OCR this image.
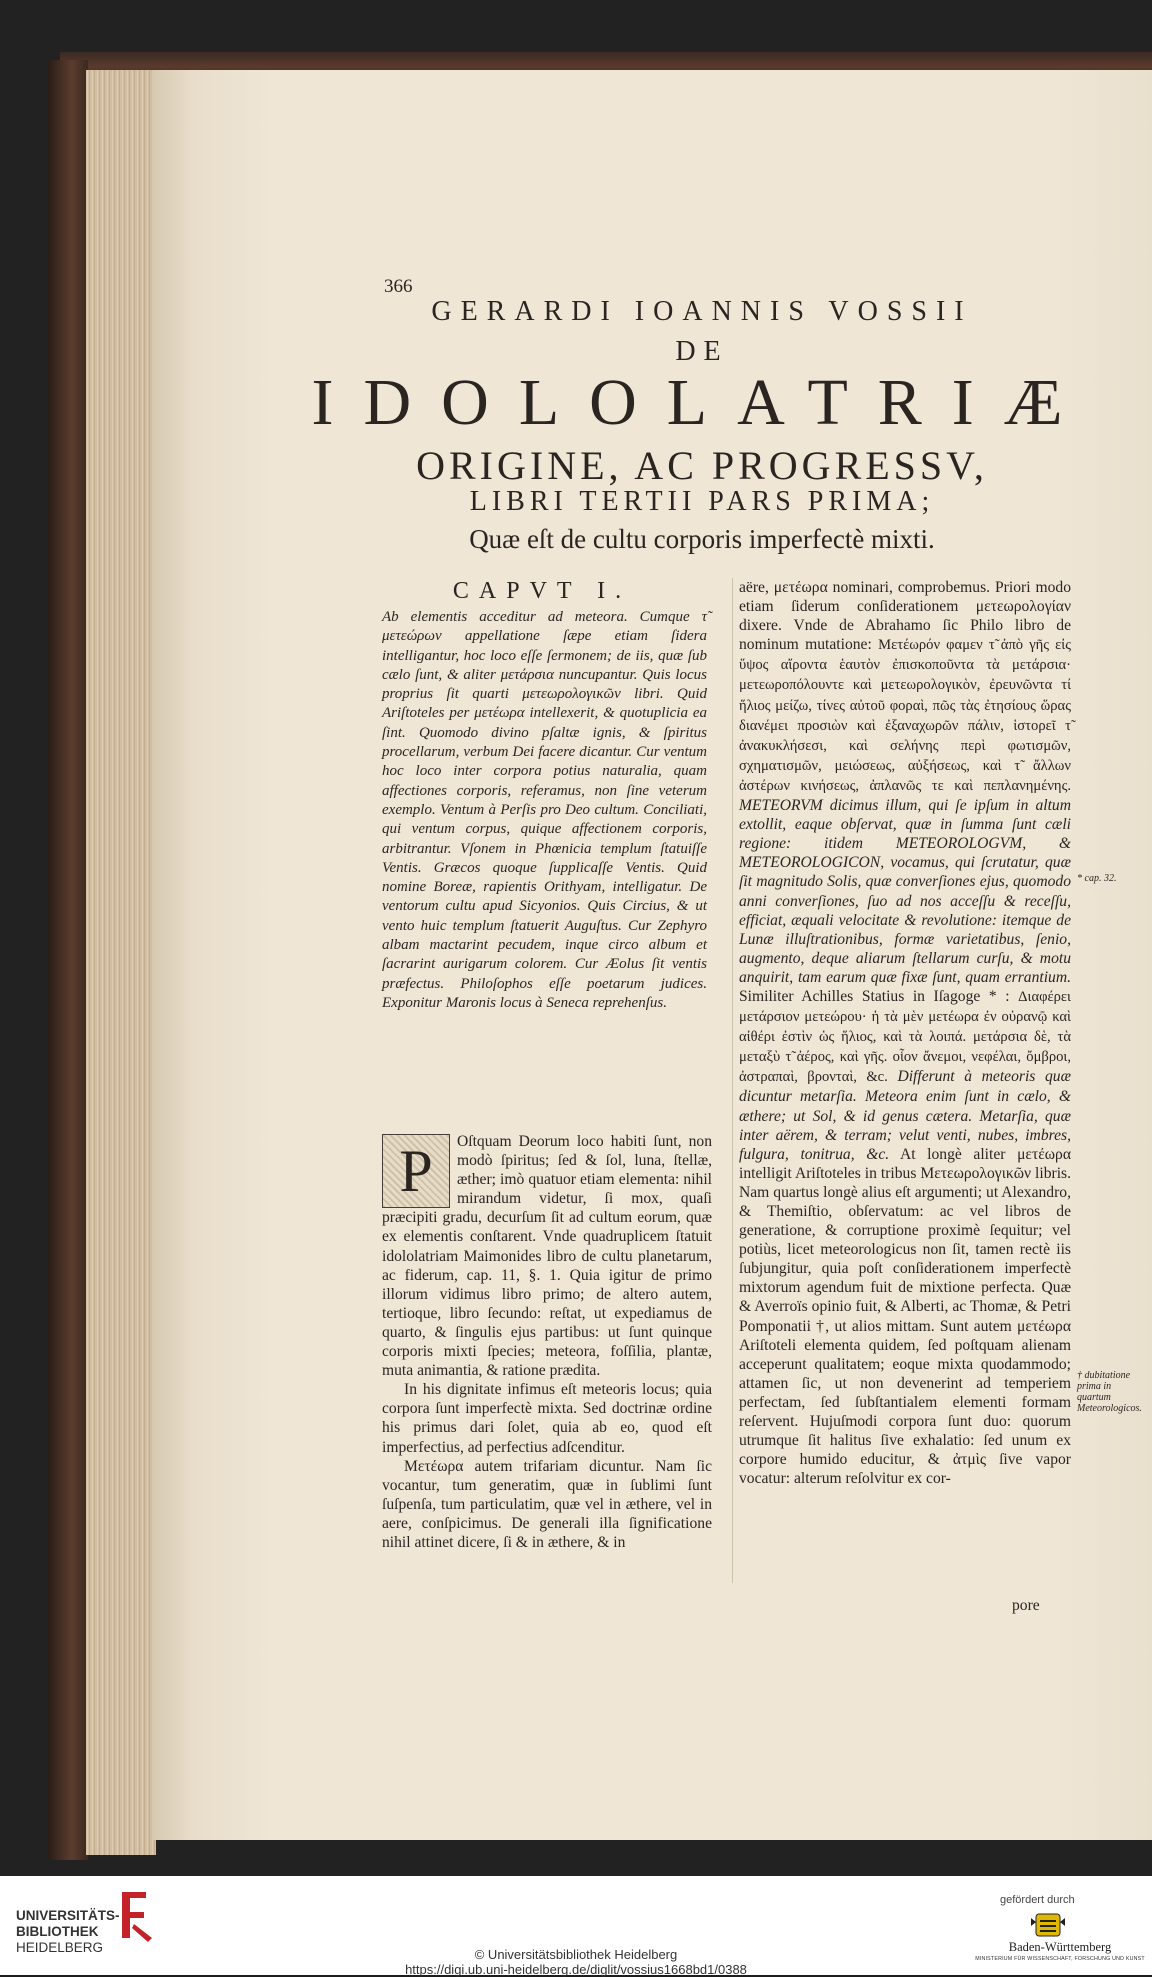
366
GERARDI IOANNIS VOSSII
DE
IDOLOLATRIÆ
ORIGINE, AC PROGRESSV,
LIBRI TERTII PARS PRIMA;
Quæ eſt de cultu corporis imperfectè mixti.
CAPVT I.
Ab elementis acceditur ad meteora. Cumque τ̃ μετεώρων appellatione ſæpe etiam ſidera intelligantur, hoc loco eſſe ſermonem; de iis, quæ ſub cælo ſunt, & aliter μετάρσια nuncupantur. Quis locus proprius ſit quarti μετεωρολογικῶν libri. Quid Ariſtoteles per μετέωρα intellexerit, & quotuplicia ea ſint. Quomodo divino pſaltæ ignis, & ſpiritus procellarum, verbum Dei facere dicantur. Cur ventum hoc loco inter corpora potius naturalia, quam affectiones corporis, referamus, non ſine veterum exemplo. Ventum à Perſis pro Deo cultum. Conciliati, qui ventum corpus, quique affectionem corporis, arbitrantur. Vſonem in Phœnicia templum ſtatuiſſe Ventis. Græcos quoque ſupplicaſſe Ventis. Quid nomine Boreæ, rapientis Orithyam, intelligatur. De ventorum cultu apud Sicyonios. Quis Circius, & ut vento huic templum ſtatuerit Auguſtus. Cur Zephyro albam mactarint pecudem, inque circo album et ſacrarint aurigarum colorem. Cur Æolus ſit ventis præfectus. Philoſophos eſſe poetarum judices. Exponitur Maronis locus à Seneca reprehenſus.

P	Oſtquam Deorum loco habiti ſunt, non modò ſpiritus; ſed & ſol, luna, ſtellæ, æther; imò quatuor etiam elementa: nihil mirandum videtur, ſi mox, quaſi præcipiti gradu, decurſum ſit ad cultum eorum, quæ ex elementis conſtarent. Vnde quadruplicem ſtatuit idololatriam Maimonides libro de cultu planetarum, ac fiderum, cap. 11, §. 1. Quia igitur de primo illorum vidimus libro primo; de altero autem, tertioque, libro ſecundo: reſtat, ut expediamus de quarto, & ſingulis ejus partibus: ut ſunt quinque corporis mixti ſpecies; meteora, foſſilia, plantæ, muta animantia, & ratione prædita.

In his dignitate infimus eſt meteoris locus; quia corpora ſunt imperfectè mixta. Sed doctrinæ ordine his primus dari ſolet, quia ab eo, quod eſt imperfectius, ad perfectius adſcenditur.

Μετέωρα autem trifariam dicuntur. Nam ſic vocantur, tum generatim, quæ in ſublimi ſunt ſuſpenſa, tum particulatim, quæ vel in æthere, vel in aere, conſpicimus. De generali illa ſignificatione nihil attinet dicere, ſi & in æthere, & in

aëre, μετέωρα nominari, comprobemus. Priori modo etiam ſiderum conſiderationem μετεωρολογίαν dixere. Vnde de Abrahamo ſic Philo libro de nominum mutatione: Μετέωρόν φαμεν τ̃ ἀπὸ γῆς εἰς ὕψος αἴροντα ἑαυτὸν ἐπισκοποῦντα τὰ μετάρσια· μετεωροπόλουντε καὶ μετεωρολογικὸν, ἐρευνῶντα τί ἥλιος μείζω, τίνες αὐτοῦ φοραὶ, πῶς τὰς ἐτησίους ὥρας διανέμει προσιὼν καὶ ἐξαναχωρῶν πάλιν, ἱστορεῖ τ̃ ἀνακυκλήσεσι, καὶ σελήνης περὶ φωτισμῶν, σχηματισμῶν, μειώσεως, αὐξήσεως, καὶ τ̃ ἄλλων ἀστέρων κινήσεως, ἀπλανῶς τε καὶ πεπλανημένης. METEORVM dicimus illum, qui ſe ipſum in altum extollit, eaque obſervat, quæ in ſumma ſunt cæli regione: itidem METEOROLOGVM, & METEOROLOGICON, vocamus, qui ſcrutatur, quæ ſit magnitudo Solis, quæ converſiones ejus, quomodo anni converſiones, ſuo ad nos acceſſu & receſſu, efficiat, æquali velocitate & revolutione: itemque de Lunæ illuſtrationibus, formæ varietatibus, ſenio, augmento, deque aliarum ſtellarum curſu, & motu anquirit, tam earum quæ fixæ ſunt, quam errantium. Similiter Achilles Statius in Iſagoge * : Διαφέρει μετάρσιον μετεώρου· ἡ τὰ μὲν μετέωρα ἐν οὐρανῷ καὶ αἰθέρι ἐστὶν ὡς ἥλιος, καὶ τὰ λοιπά. μετάρσια δὲ, τὰ μεταξὺ τ̃ ἀέρος, καὶ γῆς. οἷον ἄνεμοι, νεφέλαι, ὄμβροι, ἀστραπαὶ, βρονταὶ, &c. Differunt à meteoris quæ dicuntur metarſia. Meteora enim ſunt in cælo, & æthere; ut Sol, & id genus cætera. Metarſia, quæ inter aërem, & terram; velut venti, nubes, imbres, fulgura, tonitrua, &c. At longè aliter μετέωρα intelligit Ariſtoteles in tribus Μετεωρολογικῶν libris. Nam quartus longè alius eſt argumenti; ut Alexandro, & Themiſtio, obſervatum: ac vel libros de generatione, & corruptione proximè ſequitur; vel potiùs, licet meteorologicus non ſit, tamen rectè iis ſubjungitur, quia poſt conſiderationem imperfectè mixtorum agendum fuit de mixtione perfecta. Quæ & Averroïs opinio fuit, & Alberti, ac Thomæ, & Petri Pomponatii †, ut alios mittam. Sunt autem μετέωρα Ariſtoteli elementa quidem, ſed poſtquam alienam acceperunt qualitatem; eoque mixta quodammodo; attamen ſic, ut non devenerint ad temperiem perfectam, ſed ſubſtantialem elementi formam reſervent. Hujuſmodi corpora ſunt duo: quorum utrumque ſit halitus ſive exhalatio: ſed unum ex corpore humido educitur, & ἀτμὶς ſive vapor vocatur: alterum reſolvitur ex cor-
* cap. 32.
† dubitatione prima in quartum Meteorologicos.
pore
UNIVERSITÄTS-
BIBLIOTHEK
HEIDELBERG	© Universitätsbibliothek Heidelberg
https://digi.ub.uni-heidelberg.de/diglit/vossius1668bd1/0388
gefördert durch
Baden-Württemberg
MINISTERIUM FÜR WISSENSCHAFT, FORSCHUNG UND KUNST
